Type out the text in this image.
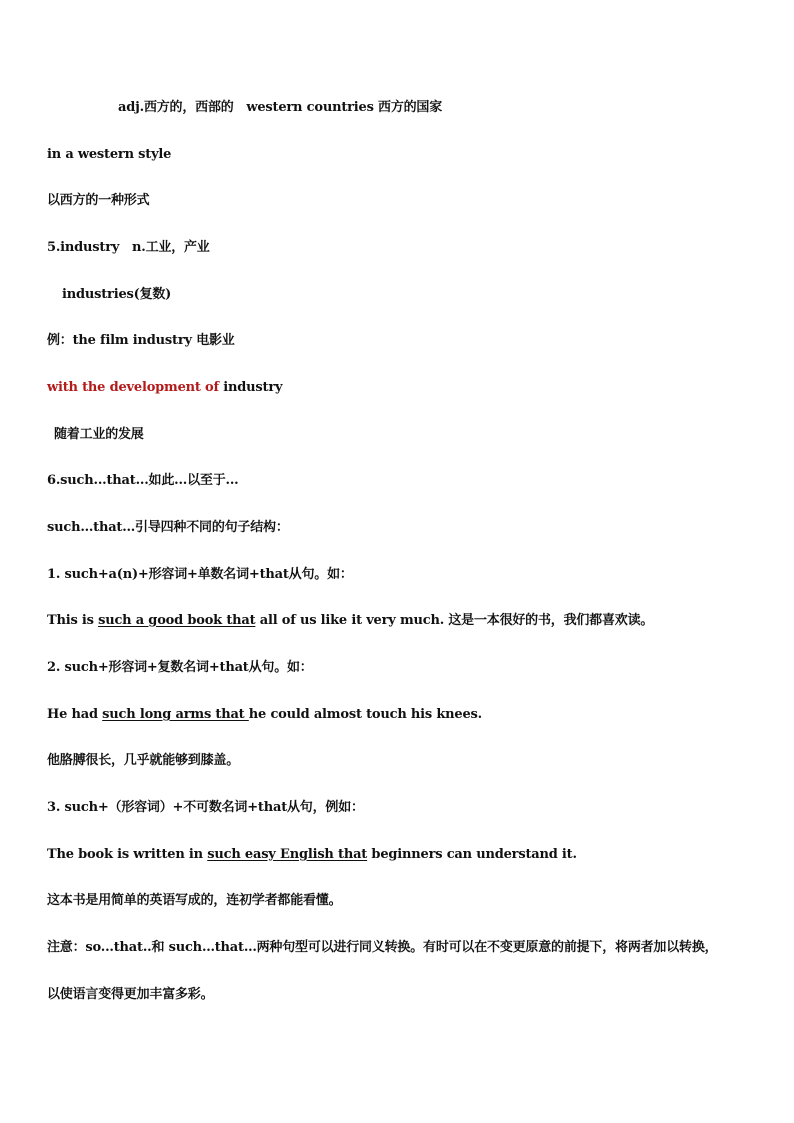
adj.西方的，西部的　western countries 西方的国家
in a western style
以西方的一种形式
5.industry　n.工业，产业
industries(复数)
例：the film industry 电影业
with the development of industry
随着工业的发展
6.such...that...如此...以至于...
such…that…引导四种不同的句子结构：
1. such+a(n)+形容词+单数名词+that从句。如：
This is such a good book that all of us like it very much. 这是一本很好的书，我们都喜欢读。
2. such+形容词+复数名词+that从句。如：
He had such long arms that he could almost touch his knees.
他胳膊很长，几乎就能够到膝盖。
3. such+（形容词）+不可数名词+that从句，例如：
The book is written in such easy English that beginners can understand it.
这本书是用简单的英语写成的，连初学者都能看懂。
注意：so...that..和 such…that…两种句型可以进行同义转换。有时可以在不变更原意的前提下，将两者加以转换，
以使语言变得更加丰富多彩。
